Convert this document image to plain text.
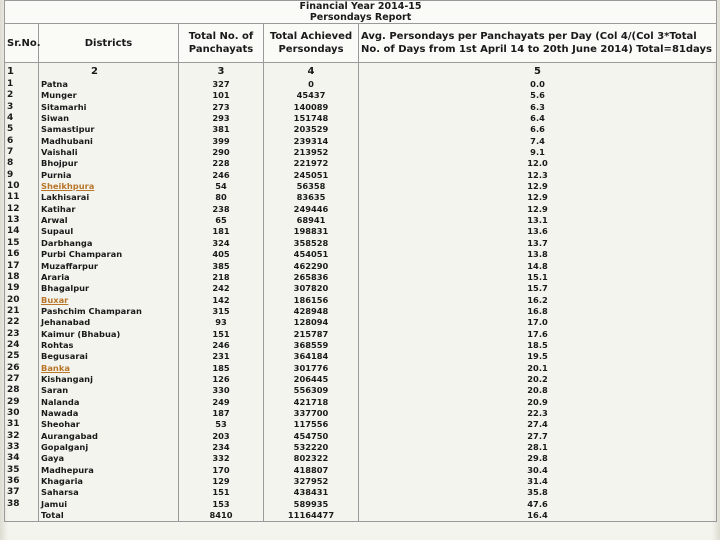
Financial Year 2014-15				
Persondays Report				
Sr.No.	Districts	Total No. of Panchayats	Total Achieved Persondays	Avg. Persondays per Panchayats per Day (Col 4/(Col 3*Total No. of Days from 1st April 14 to 20th June 2014) Total=81days
1	2	3	4	5
1	Patna	327	0	0.0
2	Munger	101	45437	5.6
3	Sitamarhi	273	140089	6.3
4	Siwan	293	151748	6.4
5	Samastipur	381	203529	6.6
6	Madhubani	399	239314	7.4
7	Vaishali	290	213952	9.1
8	Bhojpur	228	221972	12.0
9	Purnia	246	245051	12.3
10	Sheikhpura	54	56358	12.9
11	Lakhisarai	80	83635	12.9
12	Katihar	238	249446	12.9
13	Arwal	65	68941	13.1
14	Supaul	181	198831	13.6
15	Darbhanga	324	358528	13.7
16	Purbi Champaran	405	454051	13.8
17	Muzaffarpur	385	462290	14.8
18	Araria	218	265836	15.1
19	Bhagalpur	242	307820	15.7
20	Buxar	142	186156	16.2
21	Pashchim Champaran	315	428948	16.8
22	Jehanabad	93	128094	17.0
23	Kaimur (Bhabua)	151	215787	17.6
24	Rohtas	246	368559	18.5
25	Begusarai	231	364184	19.5
26	Banka	185	301776	20.1
27	Kishanganj	126	206445	20.2
28	Saran	330	556309	20.8
29	Nalanda	249	421718	20.9
30	Nawada	187	337700	22.3
31	Sheohar	53	117556	27.4
32	Aurangabad	203	454750	27.7
33	Gopalganj	234	532220	28.1
34	Gaya	332	802322	29.8
35	Madhepura	170	418807	30.4
36	Khagaria	129	327952	31.4
37	Saharsa	151	438431	35.8
38	Jamui	153	589935	47.6
	Total	8410	11164477	16.4
